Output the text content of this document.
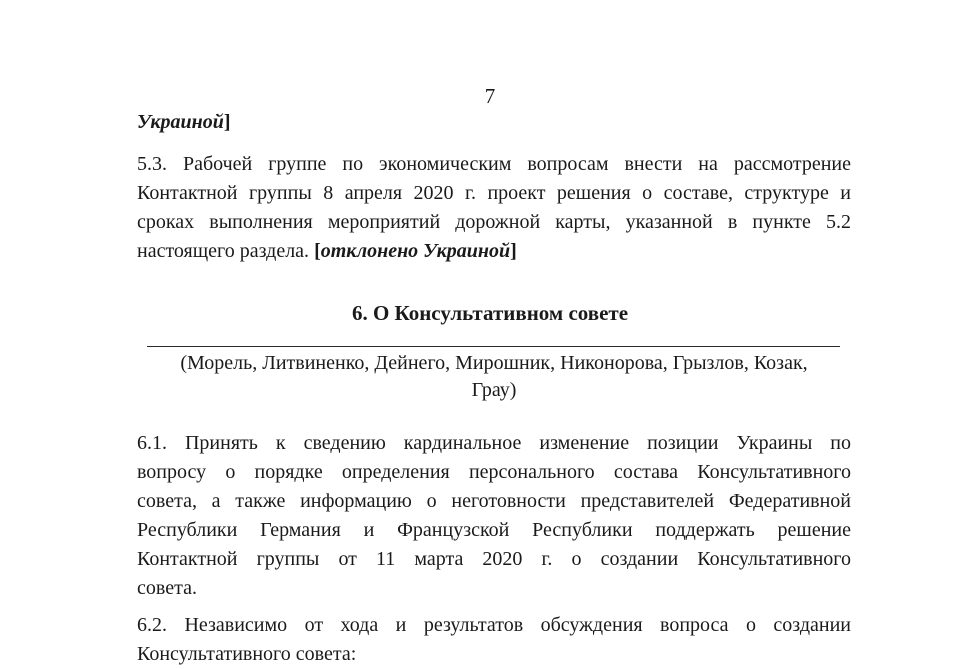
7
Украиной]
5.3. Рабочей группе по экономическим вопросам внести на рассмотрение
Контактной группы 8 апреля 2020 г. проект решения о составе, структуре и
сроках выполнения мероприятий дорожной карты, указанной в пункте 5.2
настоящего раздела. [отклонено Украиной]
6. О Консультативном совете
(Морель, Литвиненко, Дейнего, Мирошник, Никонорова, Грызлов, Козак,
Грау)
6.1. Принять к сведению кардинальное изменение позиции Украины по
вопросу о порядке определения персонального состава Консультативного
совета, а также информацию о неготовности представителей Федеративной
Республики Германия и Французской Республики поддержать решение
Контактной группы от 11 марта 2020 г. о создании Консультативного
совета.
6.2. Независимо от хода и результатов обсуждения вопроса о создании
Консультативного совета:
